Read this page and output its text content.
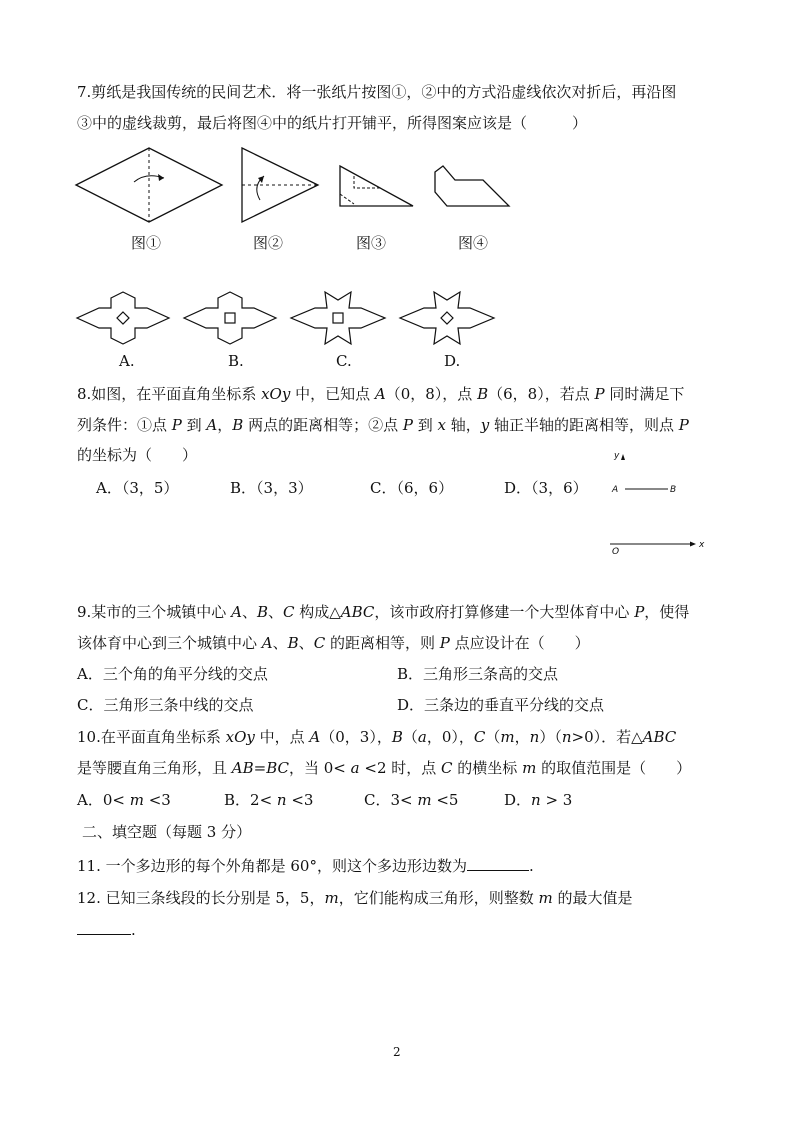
7.剪纸是我国传统的民间艺术．将一张纸片按图①，②中的方式沿虚线依次对折后，再沿图
③中的虚线裁剪，最后将图④中的纸片打开铺平，所得图案应该是（　　　）
图①	图②	图③	图④
A.	B.	C.	D.
8.如图，在平面直角坐标系 xOy 中，已知点 A（0，8），点 B（6，8），若点 P 同时满足下
列条件：①点 P 到 A，B 两点的距离相等；②点 P 到 x 轴，y 轴正半轴的距离相等，则点 P
的坐标为（　　）
A．（3，5）	B．（3，3）	C．（6，6）	D．（3，6）
y
A	B
O
x
9.某市的三个城镇中心 A、B、C 构成△ABC，该市政府打算修建一个大型体育中心 P，使得
该体育中心到三个城镇中心 A、B、C 的距离相等，则 P 点应设计在（　　）
A．三个角的角平分线的交点	B．三角形三条高的交点
C．三角形三条中线的交点	D．三条边的垂直平分线的交点
10.在平面直角坐标系 xOy 中，点 A（0，3），B（a，0），C（m，n）（n>0）．若△ABC
是等腰直角三角形，且 AB=BC，当 0< a <2 时，点 C 的横坐标 m 的取值范围是（　　）
A．0< m <3	B．2< n <3	C．3< m <5	D．n > 3
二、填空题（每题 3 分）
11. 一个多边形的每个外角都是 60°，则这个多边形边数为	.
12. 已知三条线段的长分别是 5，5，m，它们能构成三角形，则整数 m 的最大值是
.
2
